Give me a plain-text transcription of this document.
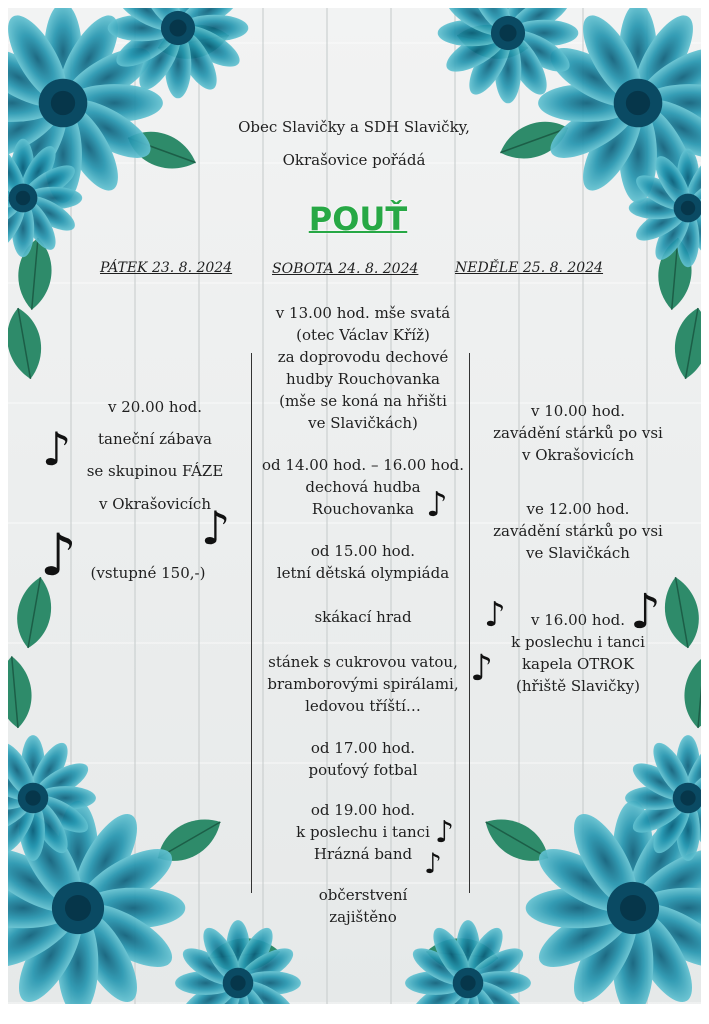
Obec Slavičky a SDH Slavičky,
Okrašovice pořádá
POUŤ
PÁTEK 23. 8. 2024	SOBOTA 24. 8. 2024	NEDĚLE 25. 8. 2024
v 20.00 hod.
taneční zábava
se skupinou FÁZE
v Okrašovicích
(vstupné 150,-)
v 13.00 hod. mše svatá
(otec Václav Kříž)
za doprovodu dechové
hudby Rouchovanka
(mše se koná na hřišti
ve Slavičkách)
od 14.00 hod. – 16.00 hod.
dechová hudba
Rouchovanka
od 15.00 hod.
letní dětská olympiáda
skákací hrad
stánek s cukrovou vatou,
bramborovými spirálami,
ledovou tříští…
od 17.00 hod.
pouťový fotbal
od 19.00 hod.
k poslechu i tanci
Hrázná band
občerstvení
zajištěno
v 10.00 hod.
zavádění stárků po vsi
v Okrašovicích
ve 12.00 hod.
zavádění stárků po vsi
ve Slavičkách
v 16.00 hod.
k poslechu i tanci
kapela OTROK
(hřiště Slavičky)
♪
♪
♪
♪
♪	♪
♪
♪
♪
